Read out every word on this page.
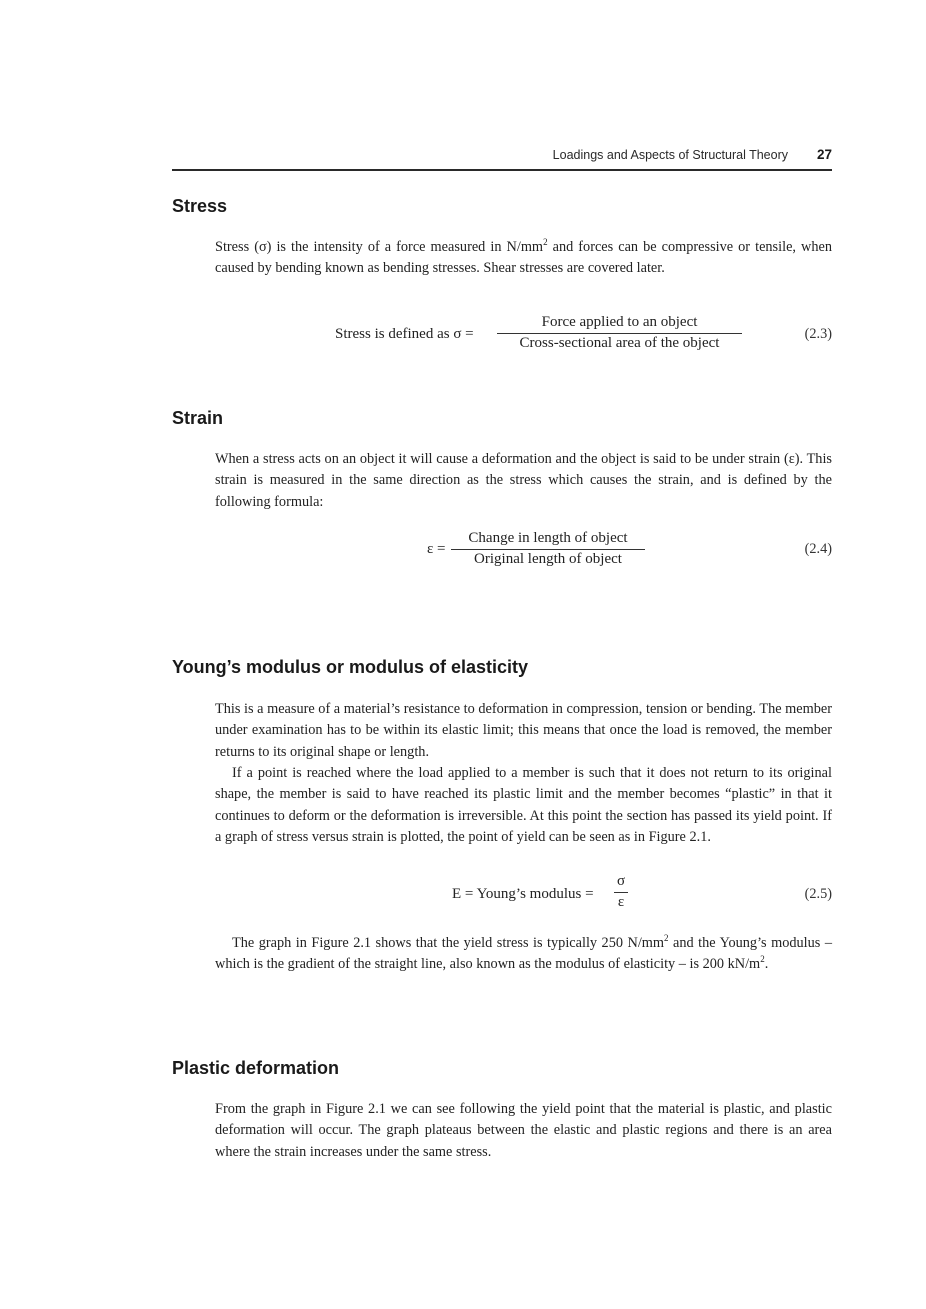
Loadings and Aspects of Structural Theory 27
Stress

Stress (σ) is the intensity of a force measured in $N/mm^2$ and forces can be compressive or tensile, when caused by bending known as bending stresses. Shear stresses are covered later.

Stress is defined as σ =
Force applied to an object
Cross-sectional area of the object
(2.3)
Strain

When a stress acts on an object it will cause a deformation and the object is said to be under strain (ε). This strain is measured in the same direction as the stress which causes the strain, and is defined by the following formula:

ε =
Change in length of object
Original length of object
(2.4)
Young’s modulus or modulus of elasticity

This is a measure of a material’s resistance to deformation in compression, tension or bending. The member under examination has to be within its elastic limit; this means that once the load is removed, the member returns to its original shape or length.

If a point is reached where the load applied to a member is such that it does not return to its original shape, the member is said to have reached its plastic limit and the member becomes “plastic” in that it continues to deform or the deformation is irreversible. At this point the section has passed its yield point. If a graph of stress versus strain is plotted, the point of yield can be seen as in Figure 2.1.

E = Young’s modulus = $\frac{\sigma}{\varepsilon}$	(2.5)

The graph in Figure 2.1 shows that the yield stress is typically 250 $N/mm^2$ and the Young’s modulus – which is the gradient of the straight line, also known as the modulus of elasticity – is 200 $kN/m^2$.

Plastic deformation

From the graph in Figure 2.1 we can see following the yield point that the material is plastic, and plastic deformation will occur. The graph plateaus between the elastic and plastic regions and there is an area where the strain increases under the same stress.
